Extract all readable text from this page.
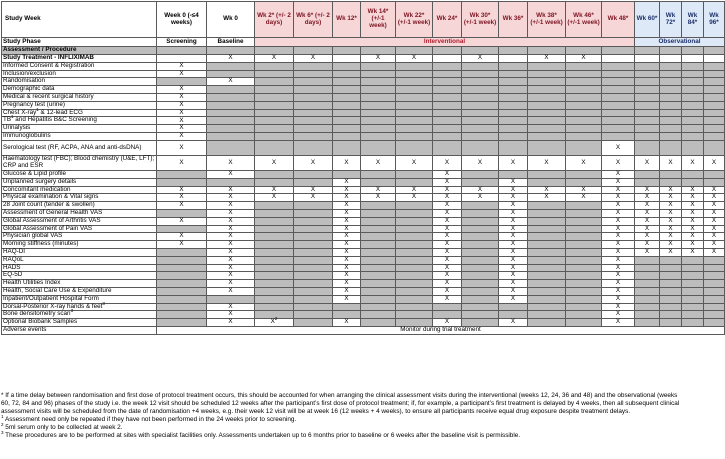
Study Week	Week 0 (-≤4 weeks)	Wk 0	Wk 2* (+/- 2 days)	Wk 6* (+/- 2 days)	Wk 12*	Wk 14* (+/-1 week)	Wk 22* (+/-1 week)	Wk 24*	Wk 30* (+/-1 week)	Wk 36*	Wk 38* (+/-1 week)	Wk 46* (+/-1 week)	Wk 48*	Wk 60*	Wk 72*	Wk 84*	Wk 96*
Study Phase	Screening	Baseline	Interventional											Observational			
Assessment / Procedure																	
Study Treatment - INFLIXIMAB		X	X	X		X	X		X		X	X					
Informed Consent & Registration	X																
Inclusion/exclusion	X																
Randomisation		X															
Demographic data	X																
Medical & recent surgical history	X																
Pregnancy test (urine)	X																
Chest X-ray$^1$ & 12-lead ECG	X																
$TB^1$ and Hepatitis B&C Screening	X																
Urinalysis	X																
Immunoglobulins	X																
Serological test (RF, ACPA, ANA and anti-dsDNA)	X												X				
Haematology test (FBC); Blood chemistry (U&E, LFT); CRP and ESR	X	X	X	X	X	X	X	X	X	X	X	X	X	X	X	X	X
Glucose & Lipid profile		X						X					X				
Unplanned surgery details					X			X		X			X				
Concomitant medication	X	X	X	X	X	X	X	X	X	X	X	X	X	X	X	X	X
Physical examination & Vital signs	X	X	X	X	X	X	X	X	X	X	X	X	X	X	X	X	X
28 Joint count (tender & swollen)	X	X			X			X		X			X	X	X	X	X
Assessment of General Health VAS		X			X			X		X			X	X	X	X	X
Global Assessment of Arthritis VAS	X	X			X			X		X			X	X	X	X	X
Global Assessment of Pain VAS		X			X			X		X			X	X	X	X	X
Physician global VAS	X	X			X			X		X			X	X	X	X	X
Morning stiffness (minutes)	X	X			X			X		X			X	X	X	X	X
HAQ-DI		X			X			X		X			X	X	X	X	X
RAQoL		X			X			X		X			X				
HADS		X			X			X		X			X				
EQ-5D		X			X			X		X			X				
Health Utilities Index		X			X			X		X			X				
Health, Social Care Use & Expenditure		X			X			X		X			X				
Inpatient/Outpatient Hospital Form					X			X		X			X				
Dorsal-Posterior X-ray hands & feet$^3$		X											X				
Bone densitometry scan$^3$		X											X				
Optional Biobank Samples		X	$X^2$		X			X		X			X				
Adverse events	Monitor during trial treatment																

* If a time delay between randomisation and first dose of protocol treatment occurs, this should be accounted for when arranging the clinical assessment visits during the interventional (weeks 12, 24, 36 and 48) and the observational (weeks 60, 72, 84 and 96) phases of the study i.e. the week 12 visit should be scheduled 12 weeks after the participant’s first dose of protocol treatment; if, for example, a participant’s first treatment is delayed by 4 weeks, then all subsequent clinical assessment visits will be scheduled from the date of randomisation +4 weeks, e.g. their week 12 visit will be at week 16 (12 weeks + 4 weeks), to ensure all participants receive equal drug exposure despite treatment delays.

$^1$ Assessment need only be repeated if they have not been performed in the 24 weeks prior to screening.

$^2$ 5ml serum only to be collected at week 2.

$^3$ These procedures are to be performed at sites with specialist facilities only. Assessments undertaken up to 6 months prior to baseline or 6 weeks after the baseline visit is permissible.
